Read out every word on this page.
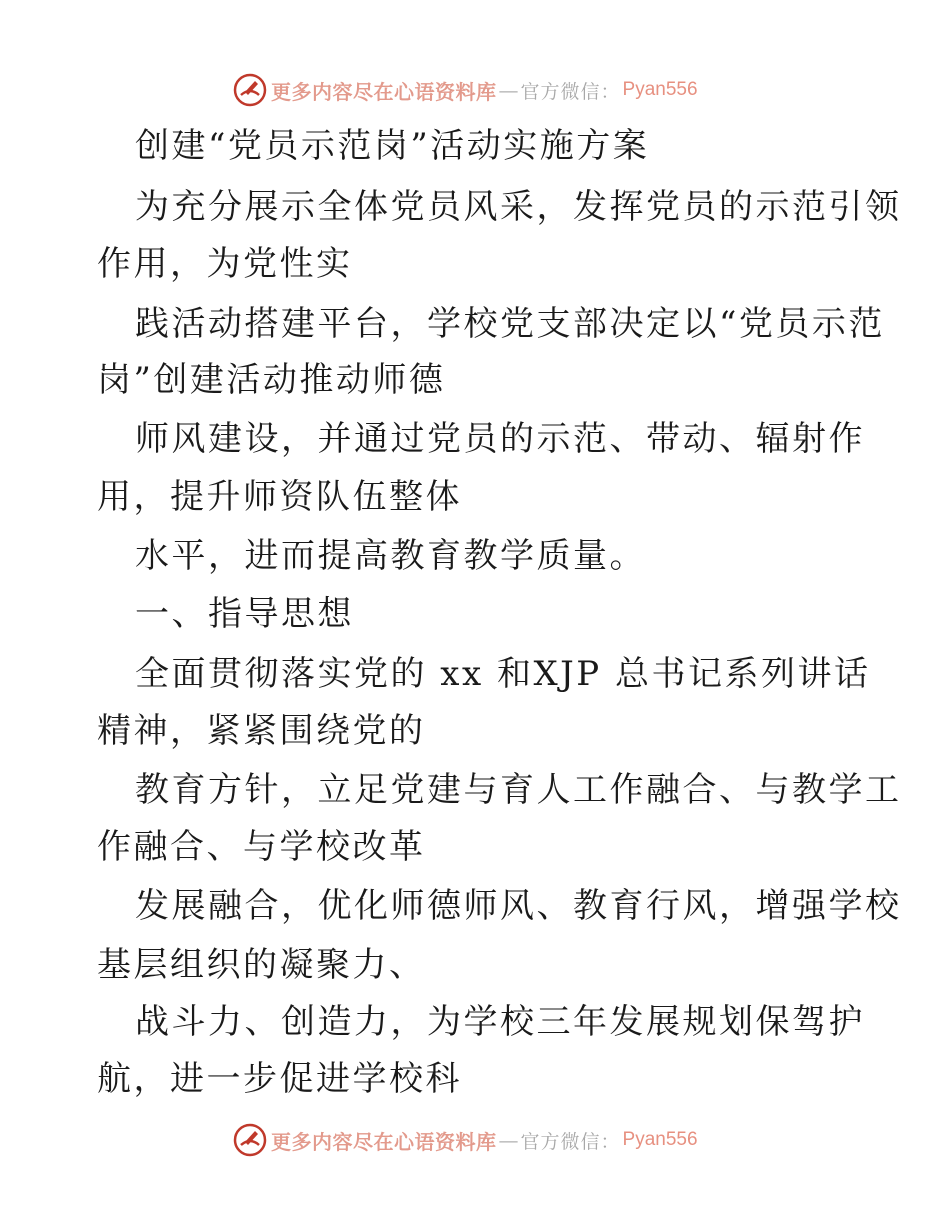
更多内容尽在心语资料库 — 官方微信： Pyan556
创建“党员示范岗”活动实施方案
为充分展示全体党员风采，发挥党员的示范引领
作用，为党性实
践活动搭建平台，学校党支部决定以“党员示范
岗”创建活动推动师德
师风建设，并通过党员的示范、带动、辐射作
用，提升师资队伍整体
水平，进而提高教育教学质量。
一、指导思想
全面贯彻落实党的 xx 和XJP 总书记系列讲话
精神，紧紧围绕党的
教育方针，立足党建与育人工作融合、与教学工
作融合、与学校改革
发展融合，优化师德师风、教育行风，增强学校
基层组织的凝聚力、
战斗力、创造力，为学校三年发展规划保驾护
航，进一步促进学校科
更多内容尽在心语资料库 — 官方微信： Pyan556
